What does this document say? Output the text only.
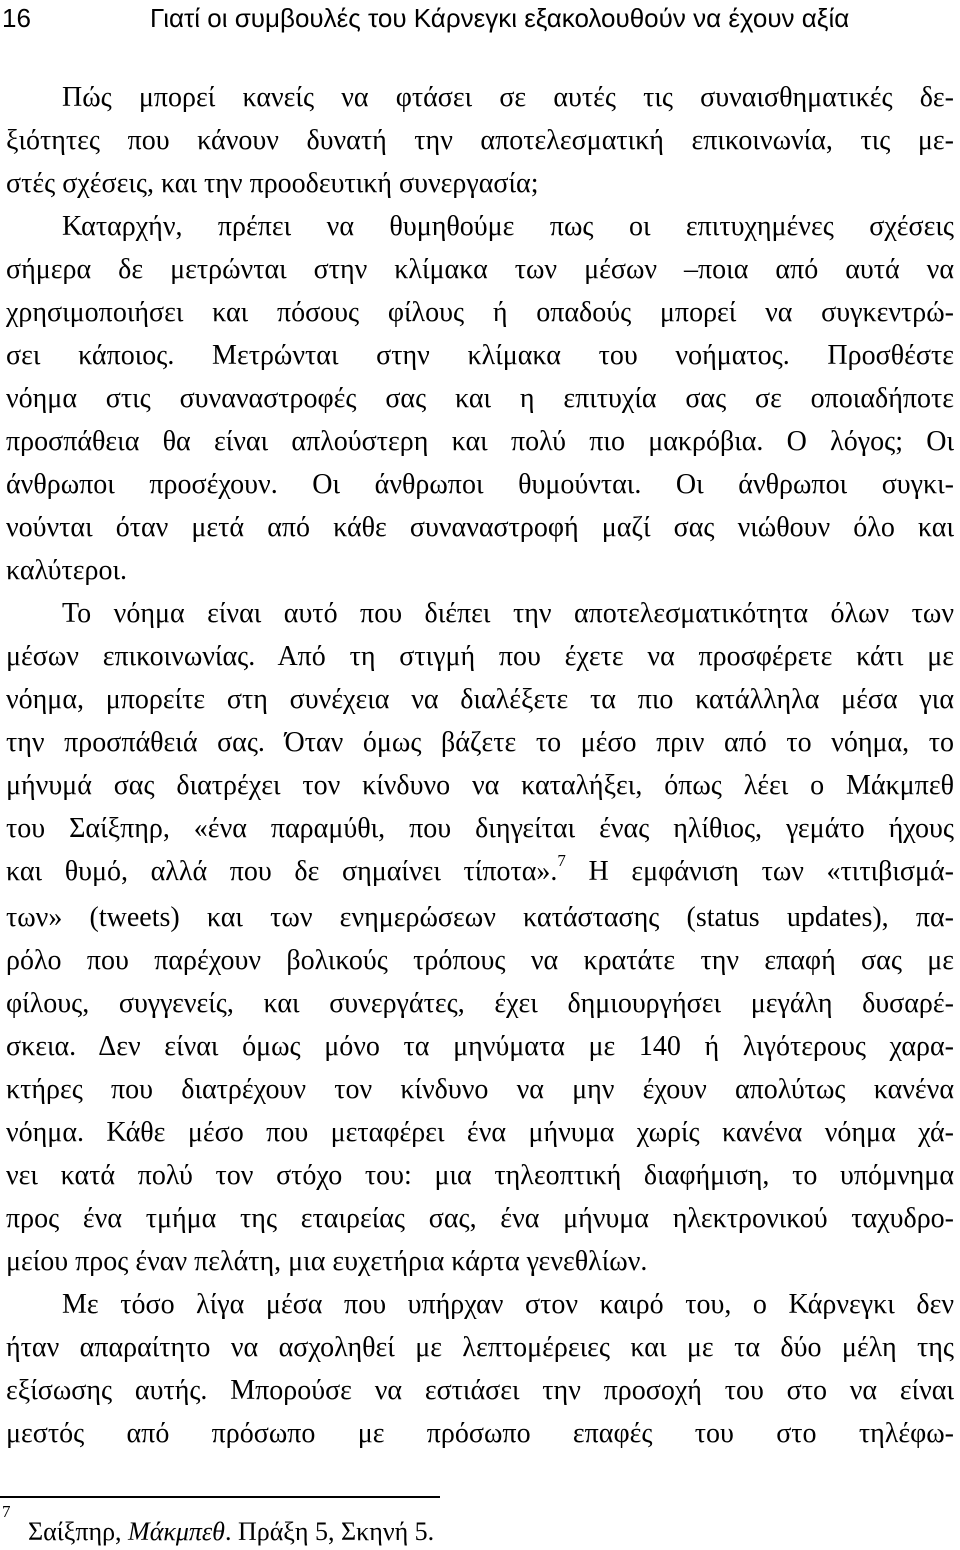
16	Γιατί οι συμβουλές του Κάρνεγκι εξακολουθούν να έχουν αξία

Πώς μπορεί κανείς να φτάσει σε αυτές τις συναισθηματικές δε-
ξιότητες που κάνουν δυνατή την αποτελεσματική επικοινωνία, τις με-
στές σχέσεις, και την προοδευτική συνεργασία;

Καταρχήν, πρέπει να θυμηθούμε πως οι επιτυχημένες σχέσεις
σήμερα δε μετρώνται στην κλίμακα των μέσων –ποια από αυτά να
χρησιμοποιήσει και πόσους φίλους ή οπαδούς μπορεί να συγκεντρώ-
σει κάποιος. Μετρώνται στην κλίμακα του νοήματος. Προσθέστε
νόημα στις συναναστροφές σας και η επιτυχία σας σε οποιαδήποτε
προσπάθεια θα είναι απλούστερη και πολύ πιο μακρόβια. Ο λόγος; Οι
άνθρωποι προσέχουν. Οι άνθρωποι θυμούνται. Οι άνθρωποι συγκι-
νούνται όταν μετά από κάθε συναναστροφή μαζί σας νιώθουν όλο και
καλύτεροι.

Το νόημα είναι αυτό που διέπει την αποτελεσματικότητα όλων των
μέσων επικοινωνίας. Από τη στιγμή που έχετε να προσφέρετε κάτι με
νόημα, μπορείτε στη συνέχεια να διαλέξετε τα πιο κατάλληλα μέσα για
την προσπάθειά σας. Όταν όμως βάζετε το μέσο πριν από το νόημα, το
μήνυμά σας διατρέχει τον κίνδυνο να καταλήξει, όπως λέει ο Μάκμπεθ
του Σαίξπηρ, «ένα παραμύθι, που διηγείται ένας ηλίθιος, γεμάτο ήχους
και θυμό, αλλά που δε σημαίνει τίποτα».$^7$ Η εμφάνιση των «τιτιβισμά-
των» (tweets) και των ενημερώσεων κατάστασης (status updates), πα-
ρόλο που παρέχουν βολικούς τρόπους να κρατάτε την επαφή σας με
φίλους, συγγενείς, και συνεργάτες, έχει δημιουργήσει μεγάλη δυσαρέ-
σκεια. Δεν είναι όμως μόνο τα μηνύματα με 140 ή λιγότερους χαρα-
κτήρες που διατρέχουν τον κίνδυνο να μην έχουν απολύτως κανένα
νόημα. Κάθε μέσο που μεταφέρει ένα μήνυμα χωρίς κανένα νόημα χά-
νει κατά πολύ τον στόχο του: μια τηλεοπτική διαφήμιση, το υπόμνημα
προς ένα τμήμα της εταιρείας σας, ένα μήνυμα ηλεκτρονικού ταχυδρο-
μείου προς έναν πελάτη, μια ευχετήρια κάρτα γενεθλίων.

Με τόσο λίγα μέσα που υπήρχαν στον καιρό του, ο Κάρνεγκι δεν
ήταν απαραίτητο να ασχοληθεί με λεπτομέρειες και με τα δύο μέλη της
εξίσωσης αυτής. Μπορούσε να εστιάσει την προσοχή του στο να είναι
μεστός από πρόσωπο με πρόσωπο επαφές του στο τηλέφω-

7
Σαίξπηρ, Μάκμπεθ. Πράξη 5, Σκηνή 5.
